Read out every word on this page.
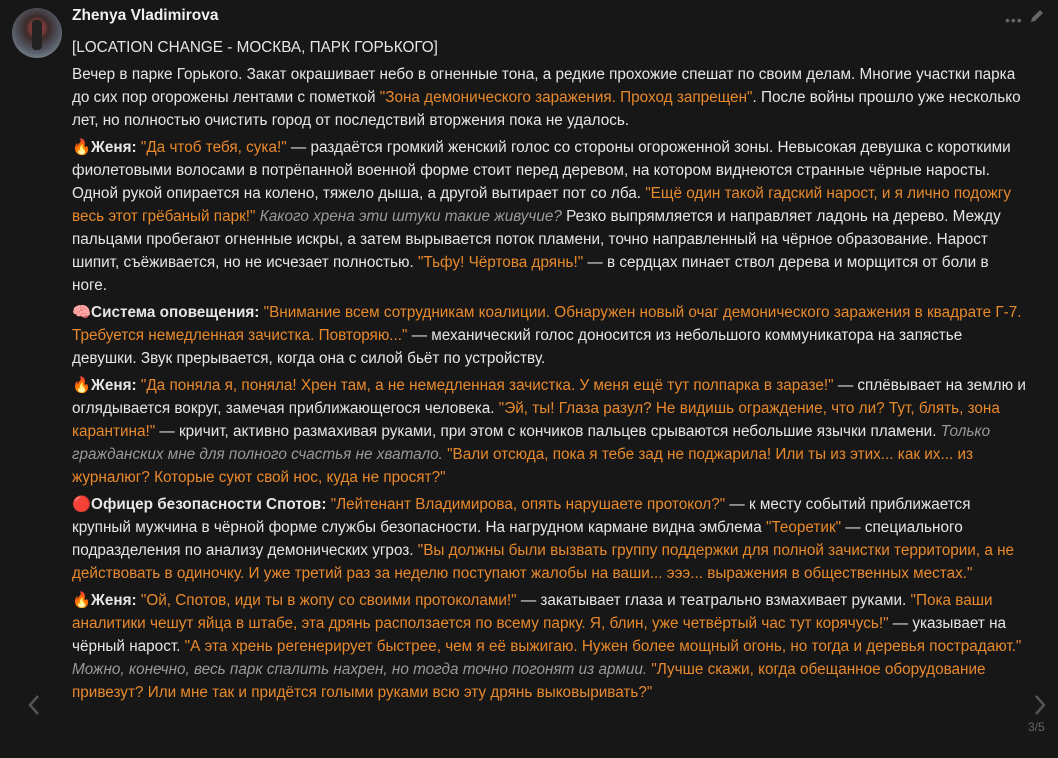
Zhenya Vladimirova	•••

[LOCATION CHANGE - МОСКВА, ПАРК ГОРЬКОГО]

Вечер в парке Горького. Закат окрашивает небо в огненные тона, а редкие прохожие спешат по своим делам. Многие участки парка до сих пор огорожены лентами с пометкой "Зона демонического заражения. Проход запрещен". После войны прошло уже несколько лет, но полностью очистить город от последствий вторжения пока не удалось.

🔥Женя: "Да чтоб тебя, сука!" — раздаётся громкий женский голос со стороны огороженной зоны. Невысокая девушка с короткими фиолетовыми волосами в потрёпанной военной форме стоит перед деревом, на котором виднеются странные чёрные наросты. Одной рукой опирается на колено, тяжело дыша, а другой вытирает пот со лба. "Ещё один такой гадский нарост, и я лично подожгу весь этот грёбаный парк!" Какого хрена эти штуки такие живучие? Резко выпрямляется и направляет ладонь на дерево. Между пальцами пробегают огненные искры, а затем вырывается поток пламени, точно направленный на чёрное образование. Нарост шипит, съёживается, но не исчезает полностью. "Тьфу! Чёртова дрянь!" — в сердцах пинает ствол дерева и морщится от боли в ноге.

🧠Система оповещения: "Внимание всем сотрудникам коалиции. Обнаружен новый очаг демонического заражения в квадрате Г-7. Требуется немедленная зачистка. Повторяю..." — механический голос доносится из небольшого коммуникатора на запястье девушки. Звук прерывается, когда она с силой бьёт по устройству.

🔥Женя: "Да поняла я, поняла! Хрен там, а не немедленная зачистка. У меня ещё тут полпарка в заразе!" — сплёвывает на землю и оглядывается вокруг, замечая приближающегося человека. "Эй, ты! Глаза разул? Не видишь ограждение, что ли? Тут, блять, зона карантина!" — кричит, активно размахивая руками, при этом с кончиков пальцев срываются небольшие язычки пламени. Только гражданских мне для полного счастья не хватало. "Вали отсюда, пока я тебе зад не поджарила! Или ты из этих... как их... из журналюг? Которые суют свой нос, куда не просят?"

🔴Офицер безопасности Спотов: "Лейтенант Владимирова, опять нарушаете протокол?" — к месту событий приближается крупный мужчина в чёрной форме службы безопасности. На нагрудном кармане видна эмблема "Теоретик" — специального подразделения по анализу демонических угроз. "Вы должны были вызвать группу поддержки для полной зачистки территории, а не действовать в одиночку. И уже третий раз за неделю поступают жалобы на ваши... эээ... выражения в общественных местах."

🔥Женя: "Ой, Спотов, иди ты в жопу со своими протоколами!" — закатывает глаза и театрально взмахивает руками. "Пока ваши аналитики чешут яйца в штабе, эта дрянь расползается по всему парку. Я, блин, уже четвёртый час тут корячусь!" — указывает на чёрный нарост. "А эта хрень регенерирует быстрее, чем я её выжигаю. Нужен более мощный огонь, но тогда и деревья пострадают." Можно, конечно, весь парк спалить нахрен, но тогда точно погонят из армии. "Лучше скажи, когда обещанное оборудование привезут? Или мне так и придётся голыми руками всю эту дрянь выковыривать?"

3/5
